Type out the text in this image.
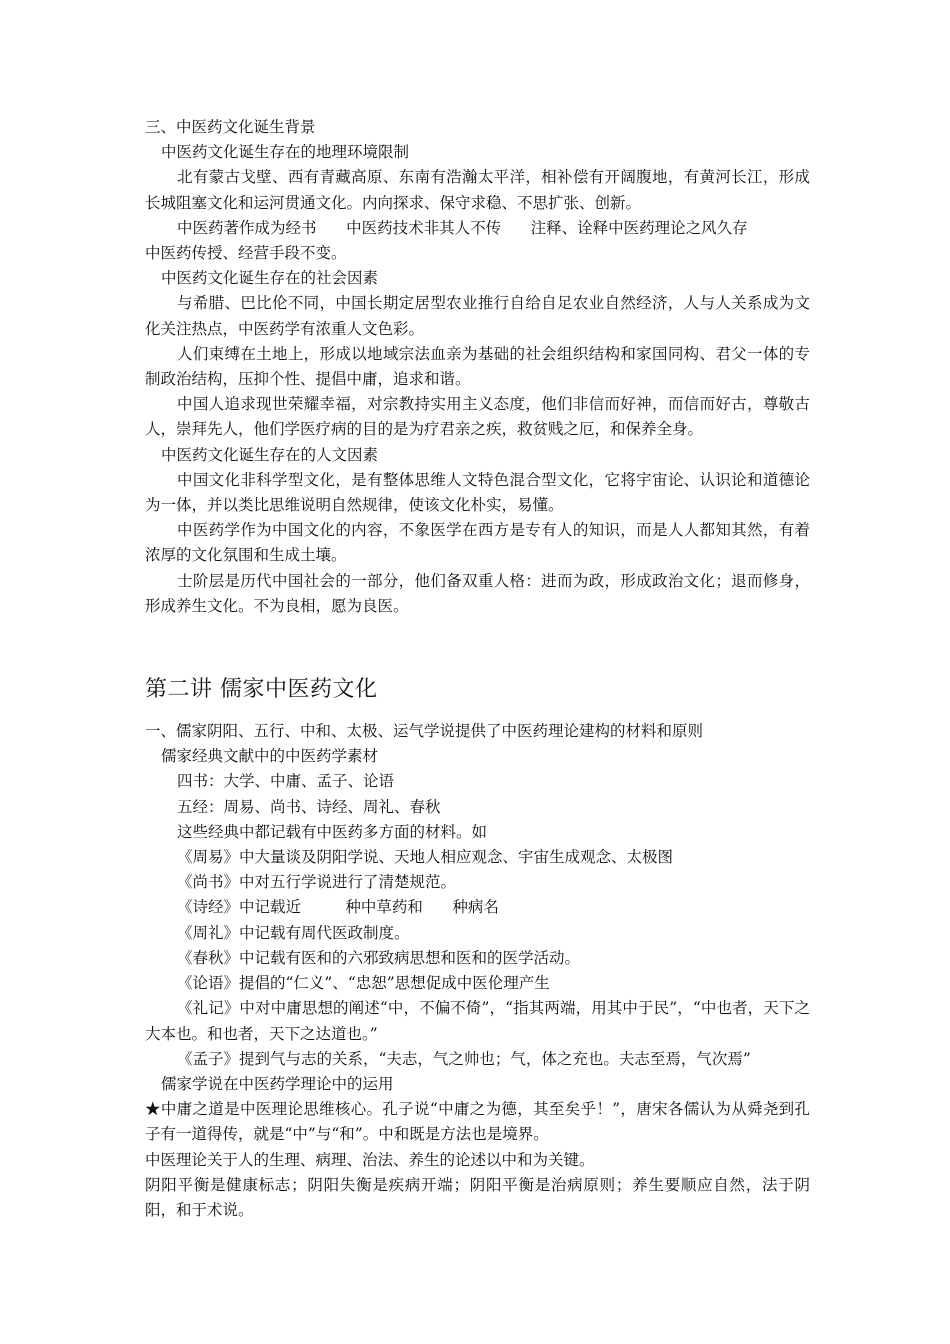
三、中医药文化诞生背景

中医药文化诞生存在的地理环境限制

北有蒙古戈壁、西有青藏高原、东南有浩瀚太平洋，相补偿有开阔腹地，有黄河长江，形成长城阻塞文化和运河贯通文化。内向探求、保守求稳、不思扩张、创新。

中医药著作成为经书      中医药技术非其人不传      注释、诠释中医药理论之风久存

中医药传授、经营手段不变。

中医药文化诞生存在的社会因素

与希腊、巴比伦不同，中国长期定居型农业推行自给自足农业自然经济，人与人关系成为文化关注热点，中医药学有浓重人文色彩。

人们束缚在土地上，形成以地域宗法血亲为基础的社会组织结构和家国同构、君父一体的专制政治结构，压抑个性、提倡中庸，追求和谐。

中国人追求现世荣耀幸福，对宗教持实用主义态度，他们非信而好神，而信而好古，尊敬古人，崇拜先人，他们学医疗病的目的是为疗君亲之疾，救贫贱之厄，和保养全身。

中医药文化诞生存在的人文因素

中国文化非科学型文化，是有整体思维人文特色混合型文化，它将宇宙论、认识论和道德论为一体，并以类比思维说明自然规律，使该文化朴实，易懂。

中医药学作为中国文化的内容，不象医学在西方是专有人的知识，而是人人都知其然，有着浓厚的文化氛围和生成土壤。

士阶层是历代中国社会的一部分，他们备双重人格：进而为政，形成政治文化；退而修身，形成养生文化。不为良相，愿为良医。

第二讲 儒家中医药文化

一、儒家阴阳、五行、中和、太极、运气学说提供了中医药理论建构的材料和原则

儒家经典文献中的中医药学素材

四书：大学、中庸、孟子、论语

五经：周易、尚书、诗经、周礼、春秋

这些经典中都记载有中医药多方面的材料。如

《周易》中大量谈及阴阳学说、天地人相应观念、宇宙生成观念、太极图

《尚书》中对五行学说进行了清楚规范。

《诗经》中记载近         种中草药和      种病名

《周礼》中记载有周代医政制度。

《春秋》中记载有医和的六邪致病思想和医和的医学活动。

《论语》提倡的“仁义”、“忠恕”思想促成中医伦理产生

《礼记》中对中庸思想的阐述“中，不偏不倚”，“指其两端，用其中于民”，“中也者，天下之大本也。和也者，天下之达道也。”

《孟子》提到气与志的关系，“夫志，气之帅也；气，体之充也。夫志至焉，气次焉”

儒家学说在中医药学理论中的运用

★中庸之道是中医理论思维核心。孔子说“中庸之为德，其至矣乎！”，唐宋各儒认为从舜尧到孔子有一道得传，就是“中”与“和”。中和既是方法也是境界。

中医理论关于人的生理、病理、治法、养生的论述以中和为关键。

阴阳平衡是健康标志；阴阳失衡是疾病开端；阴阳平衡是治病原则；养生要顺应自然，法于阴阳，和于术说。
